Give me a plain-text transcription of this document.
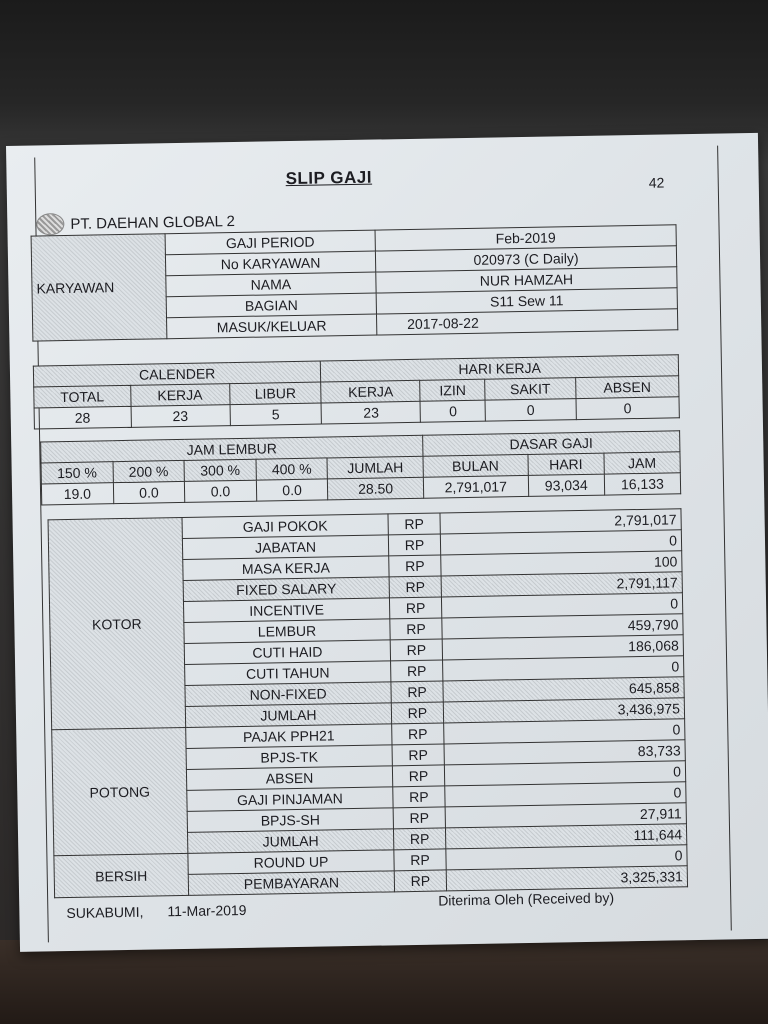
SLIP GAJI	42
PT. DAEHAN GLOBAL 2
KARYAWAN	GAJI PERIOD	Feb-2019
	No KARYAWAN	020973 (C Daily)
	NAMA	NUR HAMZAH
	BAGIAN	S11 Sew 11
	MASUK/KELUAR	2017-08-22
CALENDER			HARI KERJA			
TOTAL	KERJA	LIBUR	KERJA	IZIN	SAKIT	ABSEN
28	23	5	23	0	0	0
JAM LEMBUR					DASAR GAJI		
150 %	200 %	300 %	400 %	JUMLAH	BULAN	HARI	JAM
19.0	0.0	0.0	0.0	28.50	2,791,017	93,034	16,133
KOTOR	GAJI POKOK	RP	2,791,017
	JABATAN	RP	0
	MASA KERJA	RP	100
	FIXED SALARY	RP	2,791,117
	INCENTIVE	RP	0
	LEMBUR	RP	459,790
	CUTI HAID	RP	186,068
	CUTI TAHUN	RP	0
	NON-FIXED	RP	645,858
	JUMLAH	RP	3,436,975
POTONG	PAJAK PPH21	RP	0
	BPJS-TK	RP	83,733
	ABSEN	RP	0
	GAJI PINJAMAN	RP	0
	BPJS-SH	RP	27,911
	JUMLAH	RP	111,644
BERSIH	ROUND UP	RP	0
	PEMBAYARAN	RP	3,325,331
SUKABUMI, 11-Mar-2019
Diterima Oleh (Received by)
